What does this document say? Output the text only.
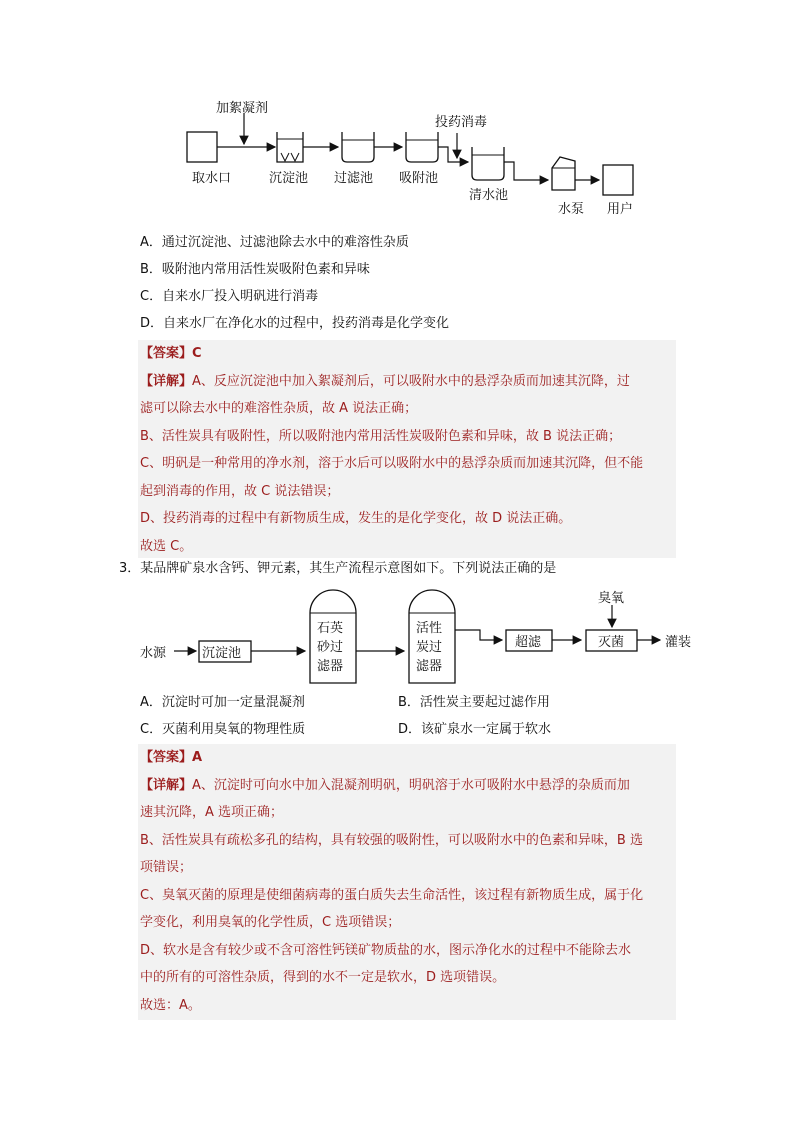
加絮凝剂
投药消毒
取水口	沉淀池 过滤池 吸附池
清水池
水泵 用户
A．通过沉淀池、过滤池除去水中的难溶性杂质
B．吸附池内常用活性炭吸附色素和异味
C．自来水厂投入明矾进行消毒
D．自来水厂在净化水的过程中，投药消毒是化学变化
【答案】C
【详解】A、反应沉淀池中加入絮凝剂后，可以吸附水中的悬浮杂质而加速其沉降，过
滤可以除去水中的难溶性杂质，故 A 说法正确；
B、活性炭具有吸附性，所以吸附池内常用活性炭吸附色素和异味，故 B 说法正确；
C、明矾是一种常用的净水剂，溶于水后可以吸附水中的悬浮杂质而加速其沉降，但不能
起到消毒的作用，故 C 说法错误；
D、投药消毒的过程中有新物质生成，发生的是化学变化，故 D 说法正确。
故选 C。
3．某品牌矿泉水含钙、钾元素，其生产流程示意图如下。下列说法正确的是
水源	沉淀池
石英
砂过
滤器
活性
炭过
滤器
超滤
臭氧
灭菌	灌装
A．沉淀时可加一定量混凝剂	B．活性炭主要起过滤作用
C．灭菌利用臭氧的物理性质	D．该矿泉水一定属于软水
【答案】A
【详解】A、沉淀时可向水中加入混凝剂明矾，明矾溶于水可吸附水中悬浮的杂质而加
速其沉降，A 选项正确；
B、活性炭具有疏松多孔的结构，具有较强的吸附性，可以吸附水中的色素和异味，B 选
项错误；
C、臭氧灭菌的原理是使细菌病毒的蛋白质失去生命活性，该过程有新物质生成，属于化
学变化，利用臭氧的化学性质，C 选项错误；
D、软水是含有较少或不含可溶性钙镁矿物质盐的水，图示净化水的过程中不能除去水
中的所有的可溶性杂质，得到的水不一定是软水，D 选项错误。
故选：A。
